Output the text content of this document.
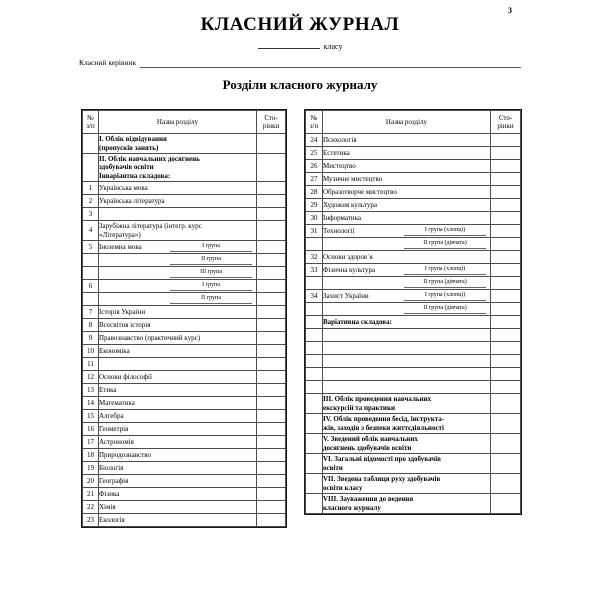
3
КЛАСНИЙ ЖУРНАЛ
класу
Класний керівник
Розділи класного журналу
№
з/п	Назва розділу	Сто-
рінки

	I. Облік відвідування
(пропусків занять)	
	II. Облік навчальних досягнень
здобувачів освіти
Інваріантна складова:	
1	Українська мова	
2	Українська література	
3		
4	Зарубіжна література (інтегр. курс
«Література»)	
5	Іноземна мова I група	

	II група	

	III група	

6	I група	

	II група	

7	Історія України	
8	Всесвітня історія	
9	Правознавство (практичний курс)	
10	Економіка	
11		
12	Основи філософії	
13	Етика	
14	Математика	
15	Алгебра	
16	Геометрія	
17	Астрономія	
18	Природознавство	
19	Біологія	
20	Географія	
21	Фізика	
22	Хімія	
23	Екологія	
№
з/п	Назва розділу	Сто-
рінки

24	Психологія	
25	Естетика	
26	Мистецтво	
27	Музичне мистецтво	
28	Образотворче мистецтво	
29	Художня культура	
30	Інформатика	
31	Технології I група (хлопці)	

	II група (дівчата)	

32	Основи здоров`я	
33	Фізична культура I група (хлопці)	

	II група (дівчата)	

34	Захист України I група (хлопці)	

	II група (дівчата)	

	Варіативна складова:	

	III. Облік проведення навчальних
екскурсій та практики	
	IV. Облік проведення бесід, інструкта-
жів, заходів з безпеки життєдіяльності	
	V. Зведений облік навчальних
досягнень здобувачів освіти	
	VI. Загальні відомості про здобувачів
освіти	
	VII. Зведена таблиця руху здобувачів
освіти класу	
	VIII. Зауваження до ведення
класного журналу	
